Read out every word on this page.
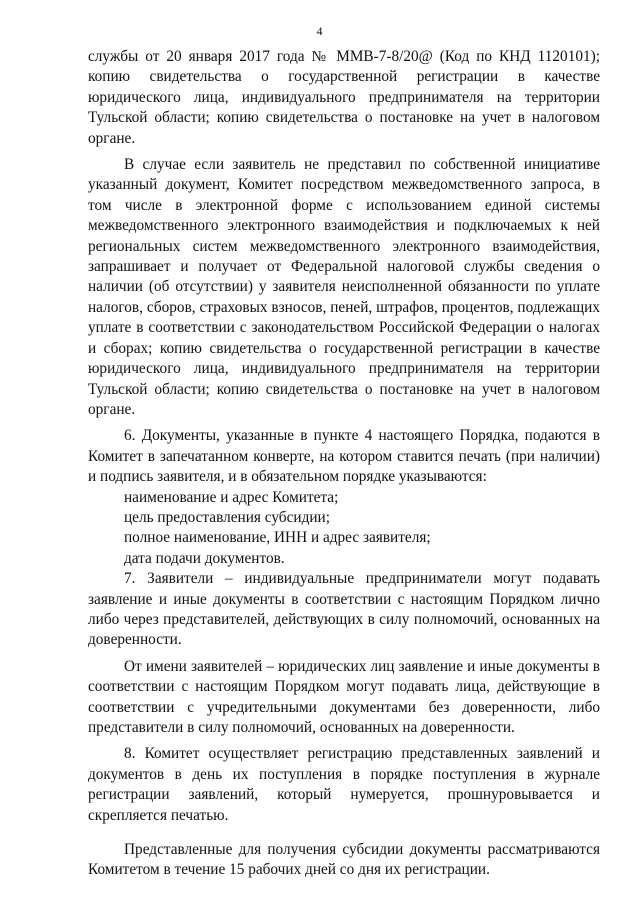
4

службы от 20 января 2017 года № ММВ-7-8/20@ (Код по КНД 1120101); копию свидетельства о государственной регистрации в качестве юридического лица, индивидуального предпринимателя на территории Тульской области; копию свидетельства о постановке на учет в налоговом органе.

В случае если заявитель не представил по собственной инициативе указанный документ, Комитет посредством межведомственного запроса, в том числе в электронной форме с использованием единой системы межведомственного электронного взаимодействия и подключаемых к ней региональных систем межведомственного электронного взаимодействия, запрашивает и получает от Федеральной налоговой службы сведения о наличии (об отсутствии) у заявителя неисполненной обязанности по уплате налогов, сборов, страховых взносов, пеней, штрафов, процентов, подлежащих уплате в соответствии с законодательством Российской Федерации о налогах и сборах; копию свидетельства о государственной регистрации в качестве юридического лица, индивидуального предпринимателя на территории Тульской области; копию свидетельства о постановке на учет в налоговом органе.

6. Документы, указанные в пункте 4 настоящего Порядка, подаются в Комитет в запечатанном конверте, на котором ставится печать (при наличии) и подпись заявителя, и в обязательном порядке указываются:

наименование и адрес Комитета;

цель предоставления субсидии;

полное наименование, ИНН и адрес заявителя;

дата подачи документов.

7. Заявители – индивидуальные предприниматели могут подавать заявление и иные документы в соответствии с настоящим Порядком лично либо через представителей, действующих в силу полномочий, основанных на доверенности.

От имени заявителей – юридических лиц заявление и иные документы в соответствии с настоящим Порядком могут подавать лица, действующие в соответствии с учредительными документами без доверенности, либо представители в силу полномочий, основанных на доверенности.

8. Комитет осуществляет регистрацию представленных заявлений и документов в день их поступления в порядке поступления в журнале регистрации заявлений, который нумеруется, прошнуровывается и скрепляется печатью.

Представленные для получения субсидии документы рассматриваются Комитетом в течение 15 рабочих дней со дня их регистрации.
